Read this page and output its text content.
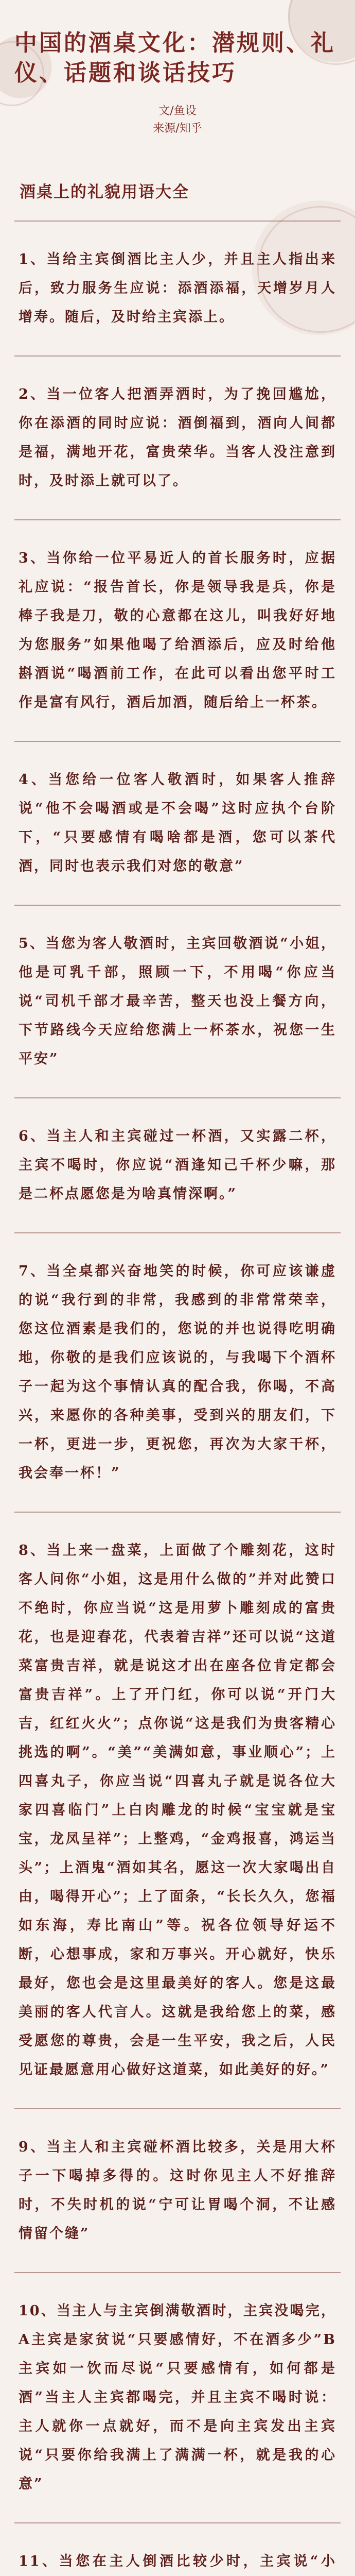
中国的酒桌文化：潜规则、礼仪、话题和谈话技巧
文/鱼设
来源/知乎
酒桌上的礼貌用语大全
1、当给主宾倒酒比主人少，并且主人指出来后，致力服务生应说：添酒添福，天增岁月人增寿。随后，及时给主宾添上。
2、当一位客人把酒弄洒时，为了挽回尴尬，你在添酒的同时应说：酒倒福到，酒向人间都是福，满地开花，富贵荣华。当客人没注意到时，及时添上就可以了。
3、当你给一位平易近人的首长服务时，应据礼应说：“报告首长，你是领导我是兵，你是棒子我是刀，敬的心意都在这儿，叫我好好地为您服务”如果他喝了给酒添后，应及时给他斟酒说“喝酒前工作，在此可以看出您平时工作是富有风行，酒后加酒，随后给上一杯茶。
4、当您给一位客人敬酒时，如果客人推辞说“他不会喝酒或是不会喝”这时应执个台阶下，“只要感情有喝啥都是酒，您可以茶代酒，同时也表示我们对您的敬意”
5、当您为客人敬酒时，主宾回敬酒说“小姐，他是可乳千部，照顾一下，不用喝“你应当说“司机千部才最辛苦，整天也没上餐方向，下节路线今天应给您满上一杯茶水，祝您一生平安”
6、当主人和主宾碰过一杯酒，又实露二杯，主宾不喝时，你应说“酒逢知己千杯少嘛，那是二杯点愿您是为啥真情深啊。”
7、当全桌都兴奋地笑的时候，你可应该谦虚的说“我行到的非常，我感到的非常常荣幸，您这位酒素是我们的，您说的并也说得吃明确地，你敬的是我们应该说的，与我喝下个酒杯子一起为这个事情认真的配合我，你喝，不高兴，来愿你的各种美事，受到兴的朋友们，下一杯，更进一步，更祝您，再次为大家干杯，我会奉一杯！”
8、当上来一盘菜，上面做了个雕刻花，这时客人问你“小姐，这是用什么做的”并对此赞口不绝时，你应当说“这是用萝卜雕刻成的富贵花，也是迎春花，代表着吉祥”还可以说“这道菜富贵吉祥，就是说这才出在座各位肯定都会富贵吉祥”。上了开门红，你可以说“开门大吉，红红火火”；点你说“这是我们为贵客精心挑选的啊”。“美”“美满如意，事业顺心”；上四喜丸子，你应当说“四喜丸子就是说各位大家四喜临门”上白肉雕龙的时候“宝宝就是宝宝，龙凤呈祥”；上整鸡，“金鸡报喜，鸿运当头”；上酒鬼“酒如其名，愿这一次大家喝出自由，喝得开心”；上了面条，“长长久久，您福如东海，寿比南山”等。祝各位领导好运不断，心想事成，家和万事兴。开心就好，快乐最好，您也会是这里最美好的客人。您是这最美丽的客人代言人。这就是我给您上的菜，感受愿您的尊贵，会是一生平安，我之后，人民见证最愿意用心做好这道菜，如此美好的好。”
9、当主人和主宾碰杯酒比较多，关是用大杯子一下喝掉多得的。这时你见主人不好推辞时，不失时机的说“宁可让胃喝个洞，不让感情留个缝”
10、当主人与主宾倒满敬酒时，主宾没喝完，A主宾是家贫说“只要感情好，不在酒多少”B主宾如一饮而尽说“只要感情有，如何都是酒”当主人主宾都喝完，并且主宾不喝时说：主人就你一点就好，而不是向主宾发出主宾说“只要你给我满上了满满一杯，就是我的心意”
11、当您在主人倒酒比较少时，主宾说“小
